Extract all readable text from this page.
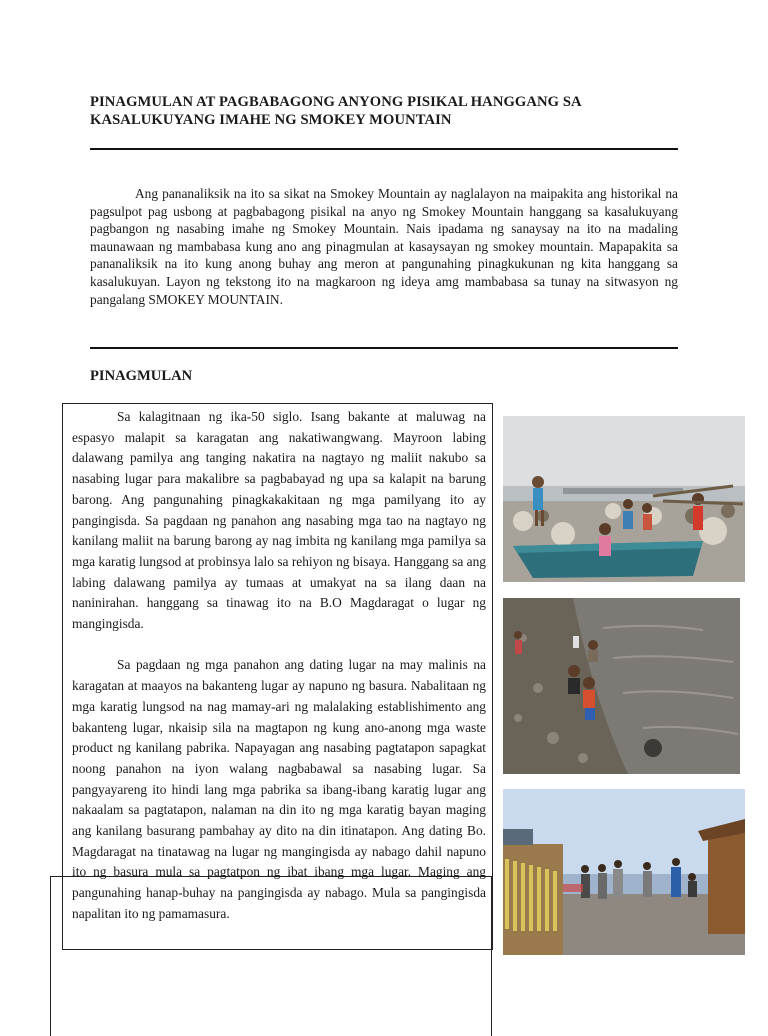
PINAGMULAN AT PAGBABAGONG ANYONG PISIKAL HANGGANG SA
KASALUKUYANG IMAHE NG SMOKEY MOUNTAIN

Ang pananaliksik na ito sa sikat na Smokey Mountain ay naglalayon na maipakita ang historikal na pagsulpot pag usbong at pagbabagong pisikal na anyo ng Smokey Mountain hanggang sa kasalukuyang pagbangon ng nasabing imahe ng Smokey Mountain. Nais ipadama ng sanaysay na ito na madaling maunawaan ng mambabasa kung ano ang pinagmulan at kasaysayan ng smokey mountain. Mapapakita sa pananaliksik na ito kung anong buhay ang meron at pangunahing pinagkukunan ng kita hanggang sa kasalukuyan. Layon ng tekstong ito na magkaroon ng ideya amg mambabasa sa tunay na sitwasyon ng pangalang SMOKEY MOUNTAIN.

PINAGMULAN

Sa kalagitnaan ng ika-50 siglo. Isang bakante at maluwag na espasyo malapit sa karagatan ang nakatiwangwang. Mayroon labing dalawang pamilya ang tanging nakatira na nagtayo ng maliit nakubo sa nasabing lugar para makalibre sa pagbabayad ng upa sa kalapit na barung barong. Ang pangunahing pinagkakakitaan ng mga pamilyang ito ay pangingisda. Sa pagdaan ng panahon ang nasabing mga tao na nagtayo ng kanilang maliit na barung barong ay nag imbita ng kanilang mga pamilya sa mga karatig lungsod at probinsya lalo sa rehiyon ng bisaya. Hanggang sa ang labing dalawang pamilya ay tumaas at umakyat na sa ilang daan na naninirahan. hanggang sa tinawag ito na B.O Magdaragat o lugar ng mangingisda.

Sa pagdaan ng mga panahon ang dating lugar na may malinis na karagatan at maayos na bakanteng lugar ay napuno ng basura. Nabalitaan ng mga karatig lungsod na nag mamay-ari ng malalaking establishimento ang bakanteng lugar, nkaisip sila na magtapon ng kung ano-anong mga waste product ng kanilang pabrika. Napayagan ang nasabing pagtatapon sapagkat noong panahon na iyon walang nagbabawal sa nasabing lugar. Sa pangyayareng ito hindi lang mga pabrika sa ibang-ibang karatig lugar ang nakaalam sa pagtatapon, nalaman na din ito ng mga karatig bayan maging ang kanilang basurang pambahay ay dito na din itinatapon. Ang dating Bo. Magdaragat na tinatawag na lugar ng mangingisda ay nabago dahil napuno ito ng basura mula sa pagtatpon ng ibat ibang mga lugar. Maging ang pangunahing hanap-buhay na pangingisda ay nabago. Mula sa pangingisda napalitan ito ng pamamasura.
